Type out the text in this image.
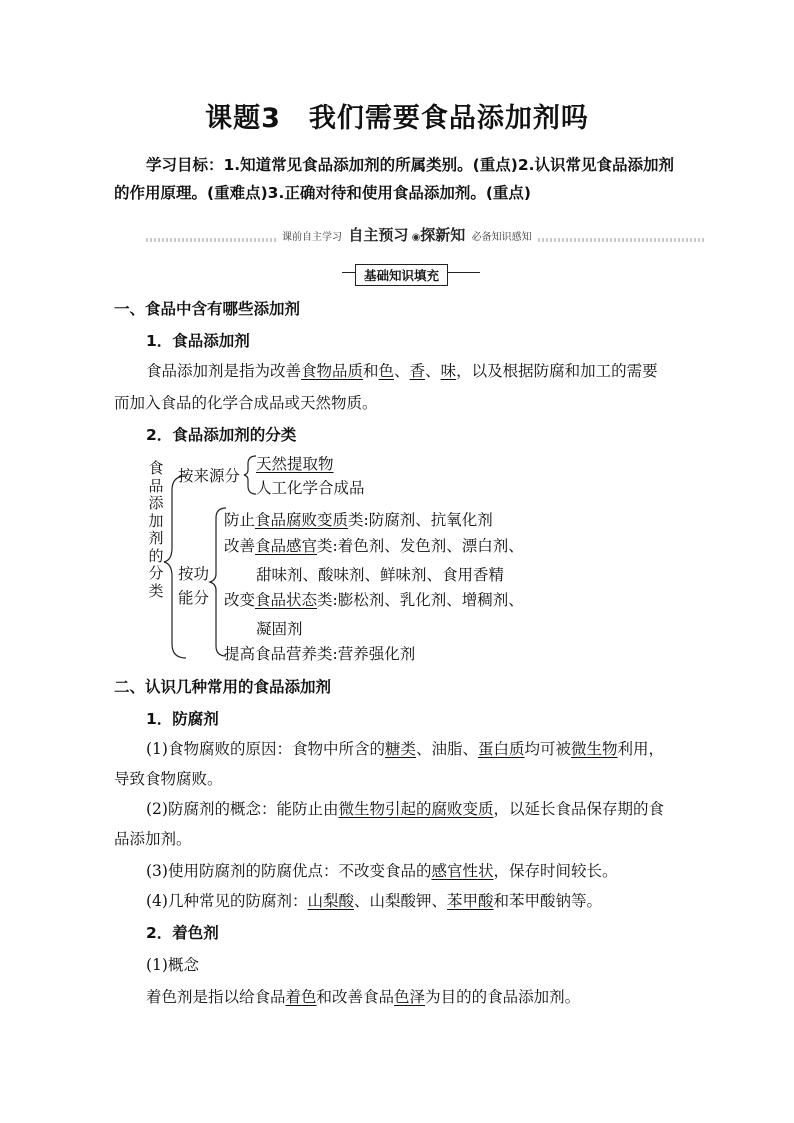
课题3　我们需要食品添加剂吗
学习目标：1.知道常见食品添加剂的所属类别。(重点)2.认识常见食品添加剂
的作用原理。(重难点)3.正确对待和使用食品添加剂。(重点)
课前自主学习 自主预习 ◉探新知 必备知识感知
基础知识填充
一、食品中含有哪些添加剂
1．食品添加剂
食品添加剂是指为改善食物品质和色、香、味，以及根据防腐和加工的需要
而加入食品的化学合成品或天然物质。
2．食品添加剂的分类
食品添加剂的分类
按来源分
天然提取物
人工化学合成品
按功
能分
防止食品腐败变质类:防腐剂、抗氧化剂
改善食品感官类:着色剂、发色剂、漂白剂、
甜味剂、酸味剂、鲜味剂、食用香精
改变食品状态类:膨松剂、乳化剂、增稠剂、
凝固剂
提高食品营养类:营养强化剂
二、认识几种常用的食品添加剂
1．防腐剂
(1)食物腐败的原因：食物中所含的糖类、油脂、蛋白质均可被微生物利用，
导致食物腐败。
(2)防腐剂的概念：能防止由微生物引起的腐败变质，以延长食品保存期的食
品添加剂。
(3)使用防腐剂的防腐优点：不改变食品的感官性状，保存时间较长。
(4)几种常见的防腐剂：山梨酸、山梨酸钾、苯甲酸和苯甲酸钠等。
2．着色剂
(1)概念
着色剂是指以给食品着色和改善食品色泽为目的的食品添加剂。
